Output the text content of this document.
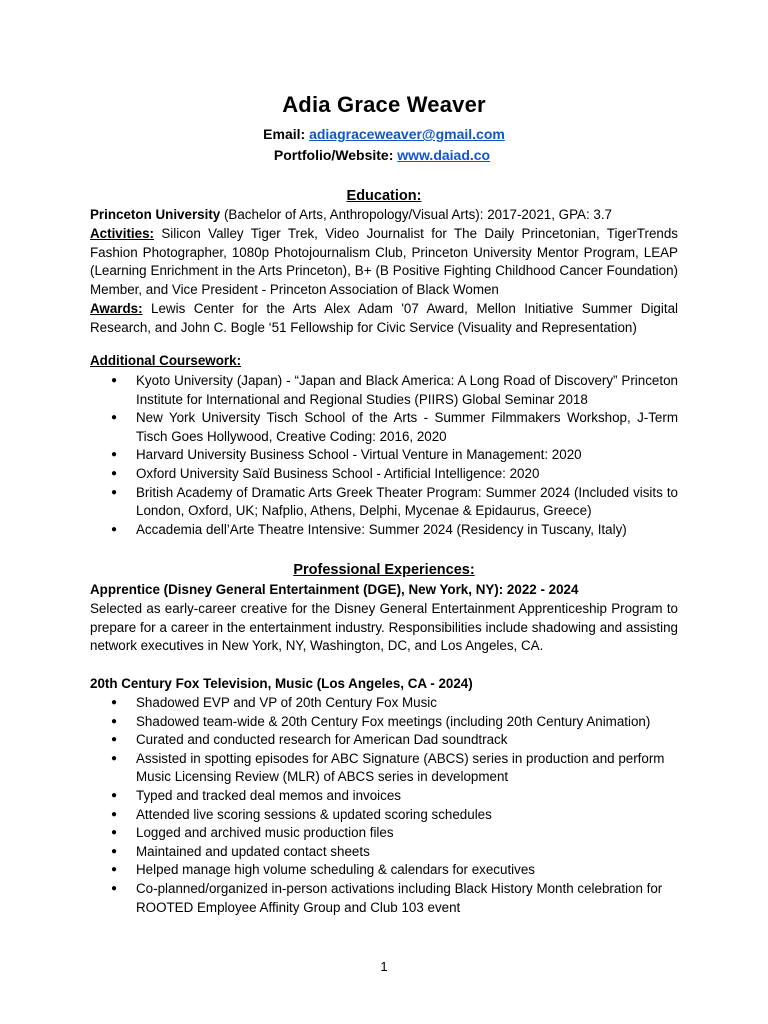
Adia Grace Weaver
Email: adiagraceweaver@gmail.com
Portfolio/Website: www.daiad.co
Education:
Princeton University (Bachelor of Arts, Anthropology/Visual Arts): 2017-2021, GPA: 3.7
Activities: Silicon Valley Tiger Trek, Video Journalist for The Daily Princetonian, TigerTrends Fashion Photographer, 1080p Photojournalism Club, Princeton University Mentor Program, LEAP (Learning Enrichment in the Arts Princeton), B+ (B Positive Fighting Childhood Cancer Foundation) Member, and Vice President - Princeton Association of Black Women
Awards: Lewis Center for the Arts Alex Adam '07 Award, Mellon Initiative Summer Digital Research, and John C. Bogle ‘51 Fellowship for Civic Service (Visuality and Representation)
Additional Coursework:
● Kyoto University (Japan) - “Japan and Black America: A Long Road of Discovery” Princeton Institute for International and Regional Studies (PIIRS) Global Seminar 2018
● New York University Tisch School of the Arts - Summer Filmmakers Workshop, J-Term Tisch Goes Hollywood, Creative Coding: 2016, 2020
● Harvard University Business School - Virtual Venture in Management: 2020
● Oxford University Saïd Business School - Artificial Intelligence: 2020
● British Academy of Dramatic Arts Greek Theater Program: Summer 2024 (Included visits to London, Oxford, UK; Nafplio, Athens, Delphi, Mycenae & Epidaurus, Greece)
● Accademia dell’Arte Theatre Intensive: Summer 2024 (Residency in Tuscany, Italy)
Professional Experiences:
Apprentice (Disney General Entertainment (DGE), New York, NY): 2022 - 2024
Selected as early-career creative for the Disney General Entertainment Apprenticeship Program to prepare for a career in the entertainment industry. Responsibilities include shadowing and assisting network executives in New York, NY, Washington, DC, and Los Angeles, CA.
20th Century Fox Television, Music (Los Angeles, CA - 2024)
● Shadowed EVP and VP of 20th Century Fox Music
● Shadowed team-wide & 20th Century Fox meetings (including 20th Century Animation)
● Curated and conducted research for American Dad soundtrack
● Assisted in spotting episodes for ABC Signature (ABCS) series in production and perform Music Licensing Review (MLR) of ABCS series in development
● Typed and tracked deal memos and invoices
● Attended live scoring sessions & updated scoring schedules
● Logged and archived music production files
● Maintained and updated contact sheets
● Helped manage high volume scheduling & calendars for executives
● Co-planned/organized in-person activations including Black History Month celebration for ROOTED Employee Affinity Group and Club 103 event
1
